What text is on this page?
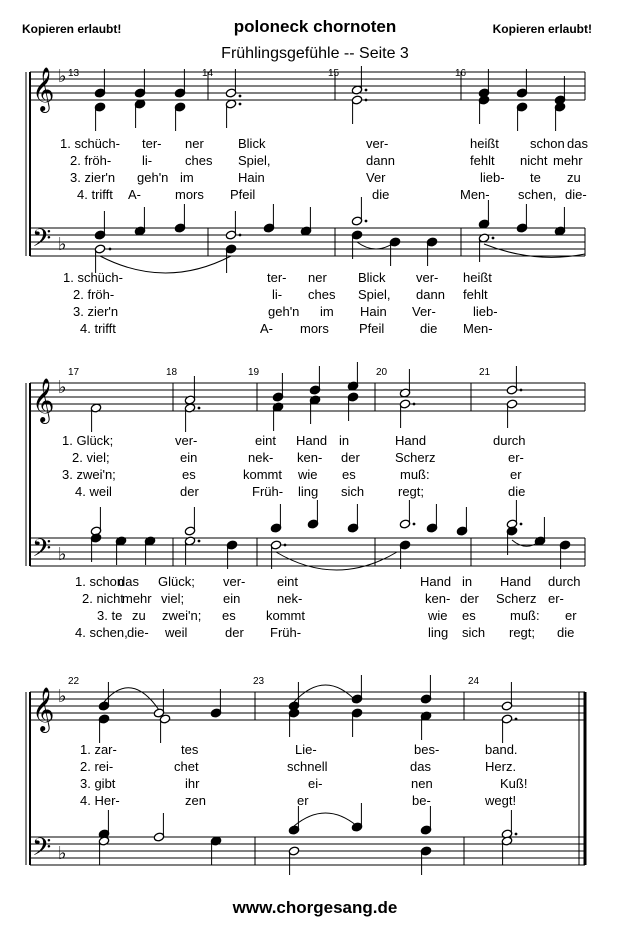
Kopieren erlaubt!	poloneck chornoten	Kopieren erlaubt!
Frühlingsgefühle -- Seite 3
𝄞 ♭
𝄢 ♭
13	14	15	16
1. schüch- ter- ner	Blick	ver-	heißt schon das
2. fröh- li-	ches Spiel,	dann	fehlt nicht mehr
3. zier'n geh'n im	Hain	Ver	lieb- te zu
4. trifft A-	mors Pfeil	die	Men- schen, die-
1. schüch-	ter- ner Blick ver- heißt
2. fröh-	li- ches Spiel, dann fehlt
3. zier'n	geh'n im Hain Ver-	lieb-
4. trifft	A- mors Pfeil	die Men-
𝄞 ♭
𝄢 ♭
17	18	19	20	21
1. Glück;	ver-	eint Hand in	Hand	durch
2. viel;	ein	nek- ken- der	Scherz	er-
3. zwei'n;	es	kommt wie es	muß:	er
4. weil	der	Früh- ling sich	regt;	die
1. schon
das Glück; ver- eint	Hand in Hand durch
2. nicht
mehr viel;	ein	nek-	ken- der Scherz er-
3. te zu zwei'n; es kommt	wie es	muß: er
4. schen, die- weil	der Früh-	ling sich regt; die
𝄞 ♭
𝄢 ♭
22	23	24
1. zar-	tes	Lie-	bes-	band.
2. rei-	chet	schnell	das	Herz.
3. gibt	ihr	ei-	nen	Kuß!
4. Her-	zen	er	be-	wegt!
www.chorgesang.de
